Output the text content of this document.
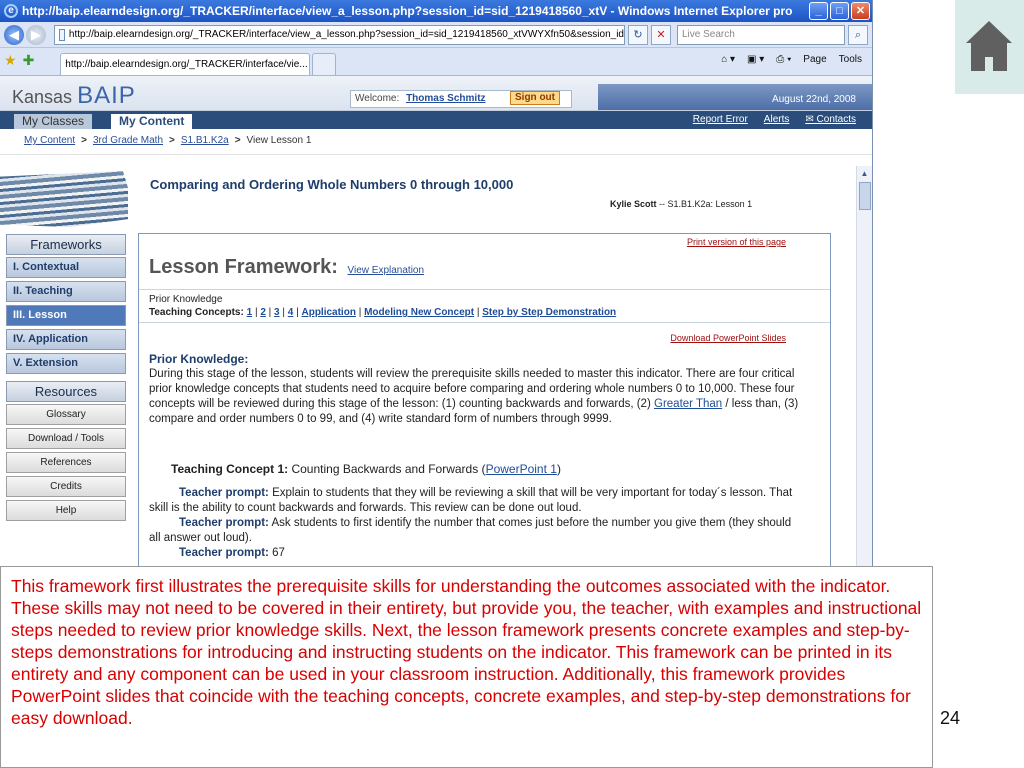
e http://baip.elearndesign.org/_TRACKER/interface/view_a_lesson.php?session_id=sid_1219418560_xtV - Windows Internet Explorer pro	_	□	✕
◀ ▶	http://baip.elearndesign.org/_TRACKER/interface/view_a_lesson.php?session_id=sid_1219418560_xtVWYXfn50&session_id ↻	✕	Live Search	⌕
★ ✚	http://baip.elearndesign.org/_TRACKER/interface/vie...	⌂ ▾ ▣ ▾ ⎙ ▾ Page Tools
Kansas BAIP	Welcome: Thomas Schmitz	Sign out	August 22nd, 2008
My Classes	My Content	Report Error Alerts ✉ Contacts
My Content > 3rd Grade Math > S1.B1.K2a > View Lesson 1
Comparing and Ordering Whole Numbers 0 through 10,000
Kylie Scott -- S1.B1.K2a: Lesson 1
Frameworks
I. Contextual
II. Teaching
III. Lesson
IV. Application
V. Extension
Resources
Glossary
Download / Tools
References
Credits
Help
Print version of this page
Lesson Framework: View Explanation
Prior Knowledge
Teaching Concepts: 1 | 2 | 3 | 4 | Application | Modeling New Concept | Step by Step Demonstration
Download PowerPoint Slides
Prior Knowledge:

During this stage of the lesson, students will review the prerequisite skills needed to master this indicator. There are four critical prior knowledge concepts that students need to acquire before comparing and ordering whole numbers 0 to 10,000. These four concepts will be reviewed during this stage of the lesson: (1) counting backwards and forwards, (2) Greater Than / less than, (3) compare and order numbers 0 to 99, and (4) write standard form of numbers through 9999.

Teaching Concept 1: Counting Backwards and Forwards (PowerPoint 1)
Teacher prompt: Explain to students that they will be reviewing a skill that will be very important for today´s lesson. That skill is the ability to count backwards and forwards. This review can be done out loud.
Teacher prompt: Ask students to first identify the number that comes just before the number you give them (they should all answer out loud).
Teacher prompt: 67
▲
This framework first illustrates the prerequisite skills for understanding the outcomes associated with the indicator. These skills may not need to be covered in their entirety, but provide you, the teacher, with examples and instructional steps needed to review prior knowledge skills. Next, the lesson framework presents concrete examples and step-by-steps demonstrations for introducing and instructing students on the indicator. This framework can be printed in its entirety and any component can be used in your classroom instruction. Additionally, this framework provides PowerPoint slides that coincide with the teaching concepts, concrete examples, and step-by-step demonstrations for easy download.	24
